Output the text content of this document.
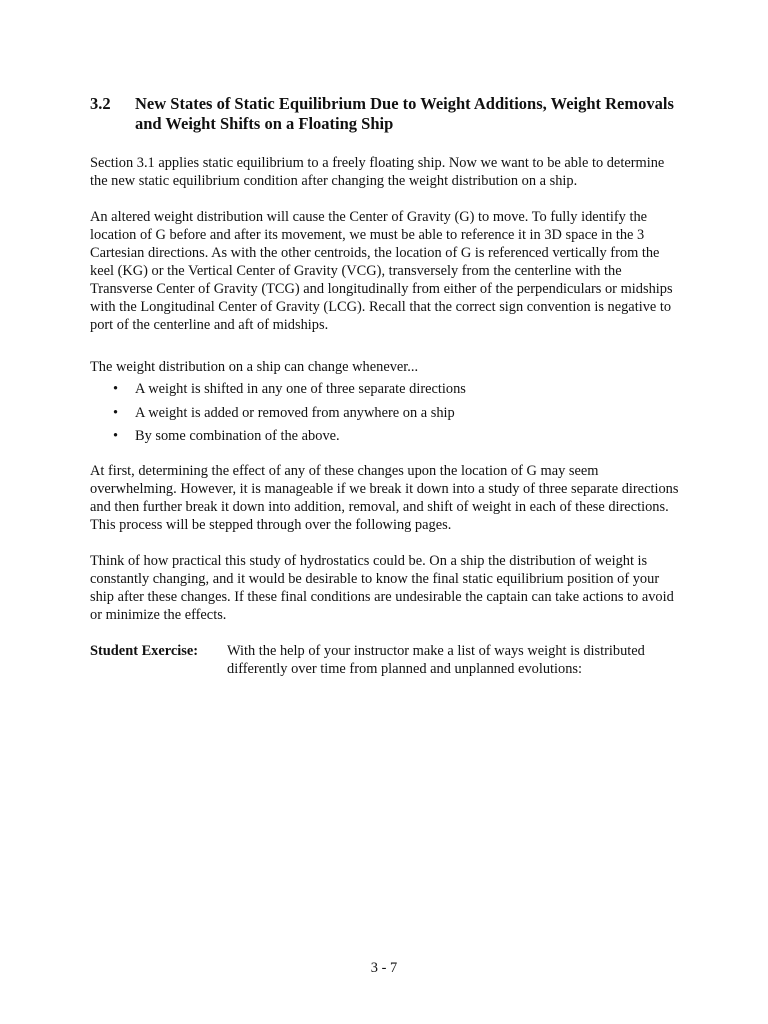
3.2 New States of Static Equilibrium Due to Weight Additions, Weight Removals and Weight Shifts on a Floating Ship

Section 3.1 applies static equilibrium to a freely floating ship. Now we want to be able to determine the new static equilibrium condition after changing the weight distribution on a ship.

An altered weight distribution will cause the Center of Gravity (G) to move. To fully identify the location of G before and after its movement, we must be able to reference it in 3D space in the 3 Cartesian directions. As with the other centroids, the location of G is referenced vertically from the keel (KG) or the Vertical Center of Gravity (VCG), transversely from the centerline with the Transverse Center of Gravity (TCG) and longitudinally from either of the perpendiculars or midships with the Longitudinal Center of Gravity (LCG). Recall that the correct sign convention is negative to port of the centerline and aft of midships.

The weight distribution on a ship can change whenever...

• A weight is shifted in any one of three separate directions
• A weight is added or removed from anywhere on a ship
• By some combination of the above.

At first, determining the effect of any of these changes upon the location of G may seem overwhelming. However, it is manageable if we break it down into a study of three separate directions and then further break it down into addition, removal, and shift of weight in each of these directions. This process will be stepped through over the following pages.

Think of how practical this study of hydrostatics could be. On a ship the distribution of weight is constantly changing, and it would be desirable to know the final static equilibrium position of your ship after these changes. If these final conditions are undesirable the captain can take actions to avoid or minimize the effects.

Student Exercise: With the help of your instructor make a list of ways weight is distributed differently over time from planned and unplanned evolutions:
3 - 7
